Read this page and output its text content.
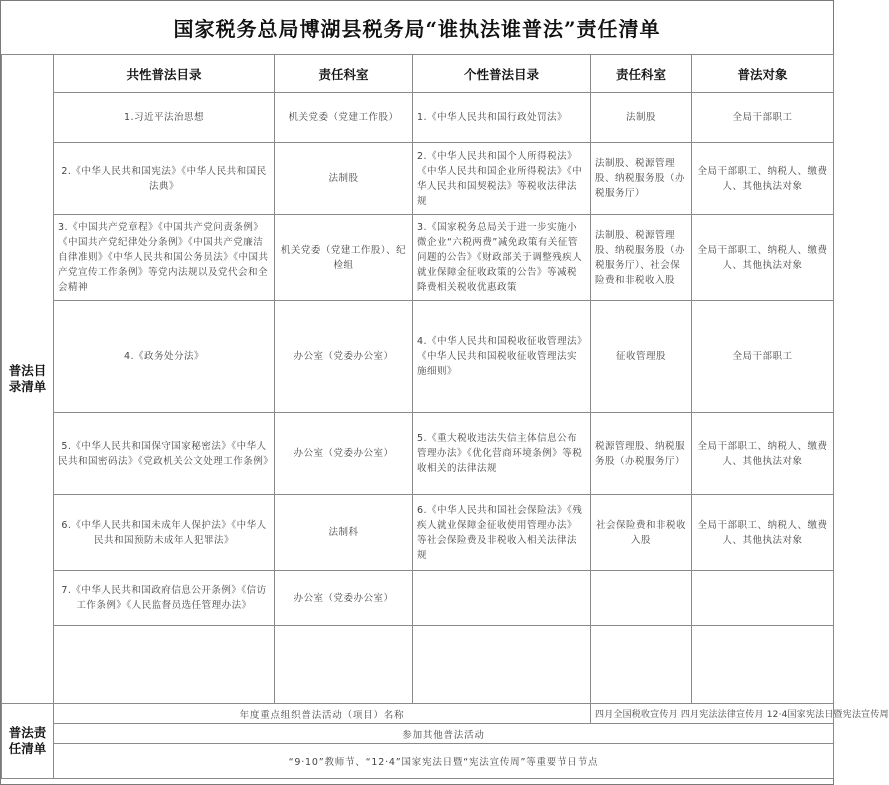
国家税务总局博湖县税务局“谁执法谁普法”责任清单
普法目录清单	共性普法目录	责任科室	个性普法目录	责任科室	普法对象
	1.习近平法治思想	机关党委（党建工作股）	1.《中华人民共和国行政处罚法》	法制股	全局干部职工
	2.《中华人民共和国宪法》《中华人民共和国民法典》	法制股	2.《中华人民共和国个人所得税法》《中华人民共和国企业所得税法》《中华人民共和国契税法》等税收法律法规	法制股、税源管理股、纳税服务股（办税服务厅）	全局干部职工、纳税人、缴费人、其他执法对象
	3.《中国共产党章程》《中国共产党问责条例》《中国共产党纪律处分条例》《中国共产党廉洁自律准则》《中华人民共和国公务员法》《中国共产党宣传工作条例》等党内法规以及党代会和全会精神	机关党委（党建工作股）、纪检组	3.《国家税务总局关于进一步实施小微企业“六税两费”减免政策有关征管问题的公告》《财政部关于调整残疾人就业保障金征收政策的公告》等减税降费相关税收优惠政策	法制股、税源管理股、纳税服务股（办税服务厅）、社会保险费和非税收入股	全局干部职工、纳税人、缴费人、其他执法对象
	4.《政务处分法》	办公室（党委办公室）	4.《中华人民共和国税收征收管理法》《中华人民共和国税收征收管理法实施细则》	征收管理股	全局干部职工
	5.《中华人民共和国保守国家秘密法》《中华人民共和国密码法》《党政机关公文处理工作条例》	办公室（党委办公室）	5.《重大税收违法失信主体信息公布管理办法》《优化营商环境条例》等税收相关的法律法规	税源管理股、纳税服务股（办税服务厅）	全局干部职工、纳税人、缴费人、其他执法对象
	6.《中华人民共和国未成年人保护法》《中华人民共和国预防未成年人犯罪法》	法制科	6.《中华人民共和国社会保险法》《残疾人就业保障金征收使用管理办法》等社会保险费及非税收入相关法律法规	社会保险费和非税收入股	全局干部职工、纳税人、缴费人、其他执法对象
	7.《中华人民共和国政府信息公开条例》《信访工作条例》《人民监督员选任管理办法》	办公室（党委办公室）			

普法责任清单	年度重点组织普法活动（项目）名称			四月全国税收宣传月 四月宪法法律宣传月 12·4国家宪法日暨宪法宣传周	
	参加其他普法活动				
	“9·10”教师节、“12·4”国家宪法日暨“宪法宣传周”等重要节日节点				
